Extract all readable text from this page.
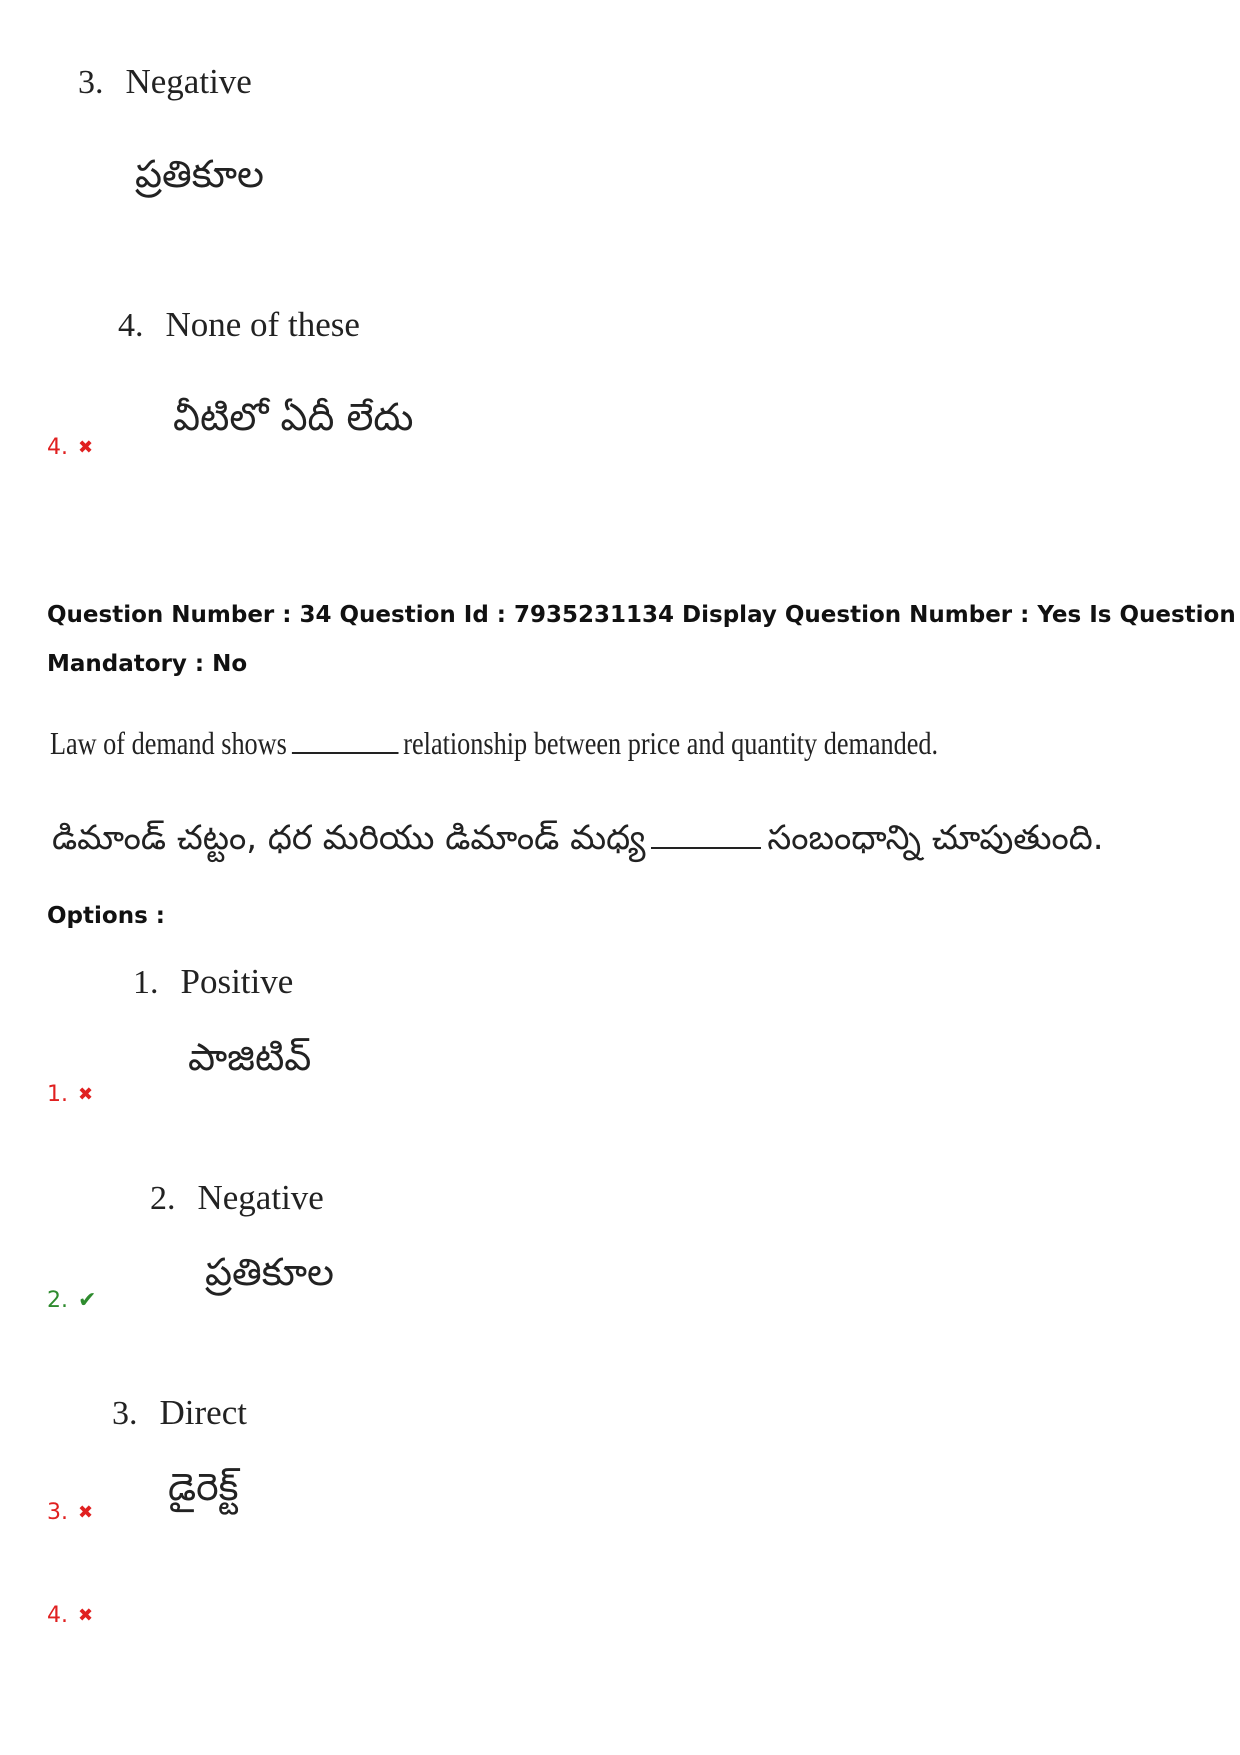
3. Negative
ప్రతికూల
4. None of these
వీటిలో ఏదీ లేదు
4. ✖
Question Number : 34 Question Id : 7935231134 Display Question Number : Yes Is Question
Mandatory : No
Law of demand shows	relationship between price and quantity demanded.
డిమాండ్ చట్టం, ధర మరియు డిమాండ్ మధ్య	సంబంధాన్ని చూపుతుంది.
Options :
1. Positive
పాజిటివ్
1. ✖
2. Negative
ప్రతికూల
2. ✔
3. Direct
డైరెక్ట్
3. ✖
4. ✖
